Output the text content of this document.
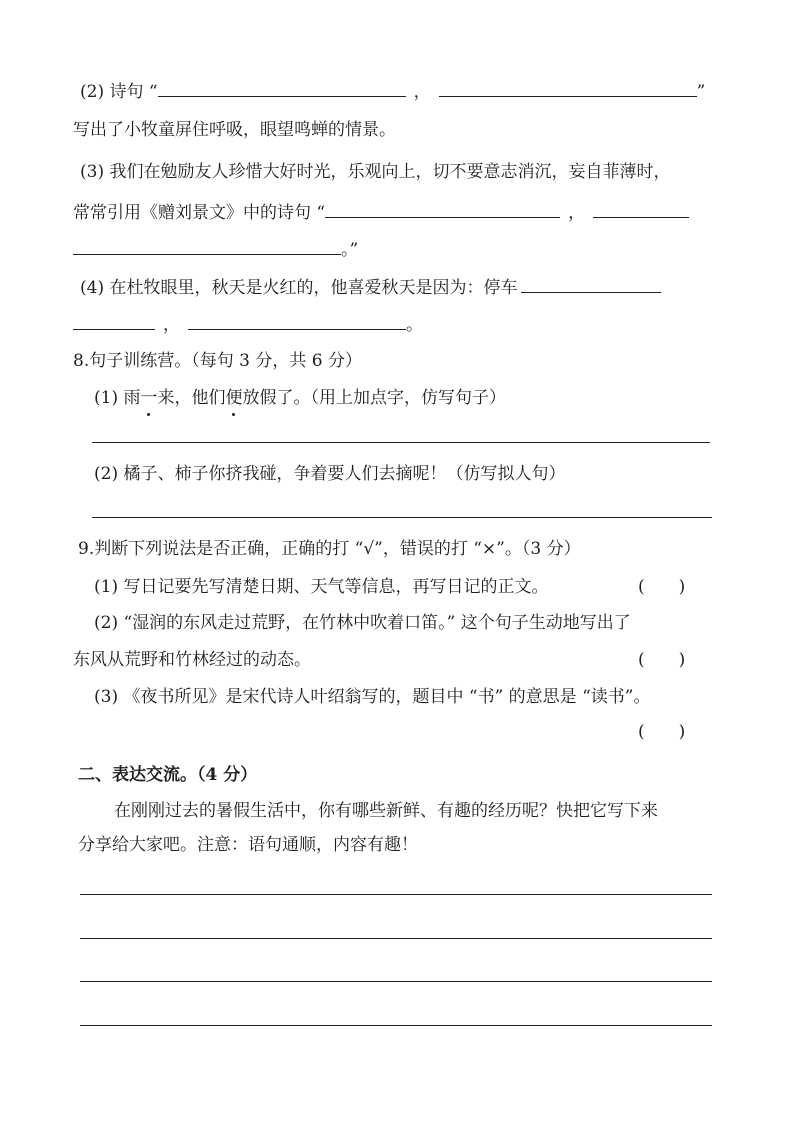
(2) 诗句 “	，	”
写出了小牧童屏住呼吸，眼望鸣蝉的情景。
(3) 我们在勉励友人珍惜大好时光，乐观向上，切不要意志消沉，妄自菲薄时，
常常引用《赠刘景文》中的诗句 “	，
。”
(4) 在杜牧眼里，秋天是火红的，他喜爱秋天是因为：停车
，	。
8.句子训练营。（每句 3 分，共 6 分）
(1) 雨一来，他们便放假了。（用上加点字，仿写句子）
(2) 橘子、柿子你挤我碰，争着要人们去摘呢！（仿写拟人句）
9.判断下列说法是否正确，正确的打 “√”，错误的打 “×”。（3 分）
(1) 写日记要先写清楚日期、天气等信息，再写日记的正文。	(　　)
(2) “湿润的东风走过荒野，在竹林中吹着口笛。” 这个句子生动地写出了
东风从荒野和竹林经过的动态。	(　　)
(3) 《夜书所见》是宋代诗人叶绍翁写的，题目中 “书” 的意思是 “读书”。
(　　)
二、表达交流。（4 分）
在刚刚过去的暑假生活中，你有哪些新鲜、有趣的经历呢？快把它写下来
分享给大家吧。注意：语句通顺，内容有趣！
